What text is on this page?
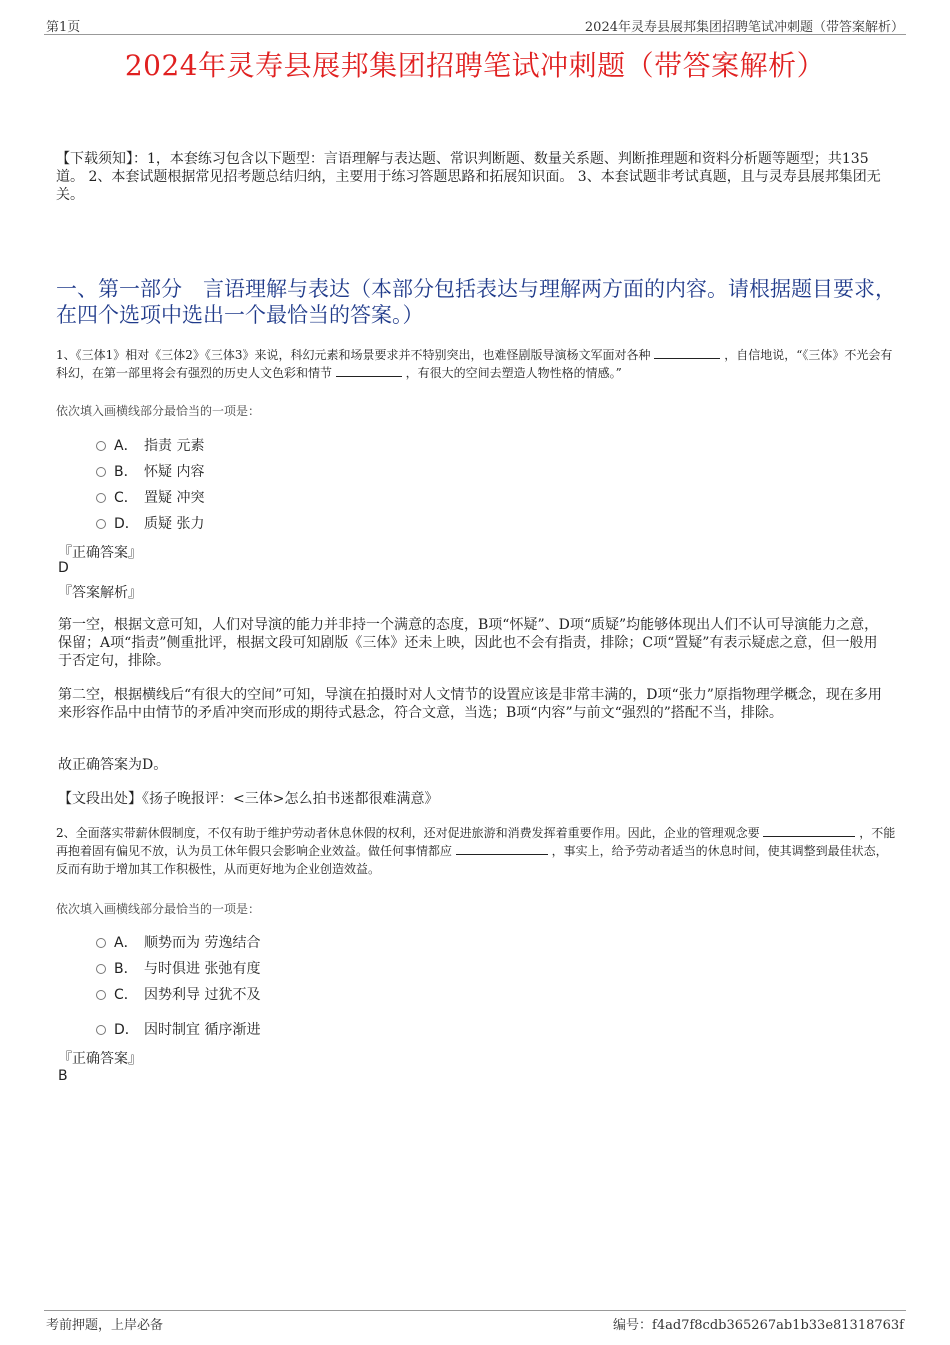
第1页	2024年灵寿县展邦集团招聘笔试冲刺题（带答案解析）
2024年灵寿县展邦集团招聘笔试冲刺题（带答案解析）
【下载须知】：1，本套练习包含以下题型：言语理解与表达题、常识判断题、数量关系题、判断推理题和资料分析题等题型；共135道。 2、本套试题根据常见招考题总结归纳，主要用于练习答题思路和拓展知识面。 3、本套试题非考试真题，且与灵寿县展邦集团无关。
一、第一部分　言语理解与表达（本部分包括表达与理解两方面的内容。请根据题目要求，在四个选项中选出一个最恰当的答案。）
1、《三体1》相对《三体2》《三体3》来说，科幻元素和场景要求并不特别突出，也难怪剧版导演杨文军面对各种	，自信地说，“《三体》不光会有科幻，在第一部里将会有强烈的历史人文色彩和情节	，有很大的空间去塑造人物性格的情感。”
依次填入画横线部分最恰当的一项是：
A． 指责 元素
B． 怀疑 内容
C． 置疑 冲突
D． 质疑 张力
『正确答案』
D
『答案解析』
第一空，根据文意可知，人们对导演的能力并非持一个满意的态度，B项“怀疑”、D项“质疑”均能够体现出人们不认可导演能力之意，保留；A项“指责”侧重批评，根据文段可知剧版《三体》还未上映，因此也不会有指责，排除；C项“置疑”有表示疑虑之意，但一般用于否定句，排除。
第二空，根据横线后“有很大的空间”可知，导演在拍摄时对人文情节的设置应该是非常丰满的，D项“张力”原指物理学概念，现在多用来形容作品中由情节的矛盾冲突而形成的期待式悬念，符合文意，当选；B项“内容”与前文“强烈的”搭配不当，排除。
故正确答案为D。
【文段出处】《扬子晚报评：<三体>怎么拍书迷都很难满意》
2、全面落实带薪休假制度，不仅有助于维护劳动者休息休假的权利，还对促进旅游和消费发挥着重要作用。因此，企业的管理观念要	，不能再抱着固有偏见不放，认为员工休年假只会影响企业效益。做任何事情都应	，事实上，给予劳动者适当的休息时间，使其调整到最佳状态，反而有助于增加其工作积极性，从而更好地为企业创造效益。
依次填入画横线部分最恰当的一项是：
A． 顺势而为 劳逸结合
B． 与时俱进 张弛有度
C． 因势利导 过犹不及
D． 因时制宜 循序渐进
『正确答案』
B
考前押题，上岸必备	编号：f4ad7f8cdb365267ab1b33e81318763f
